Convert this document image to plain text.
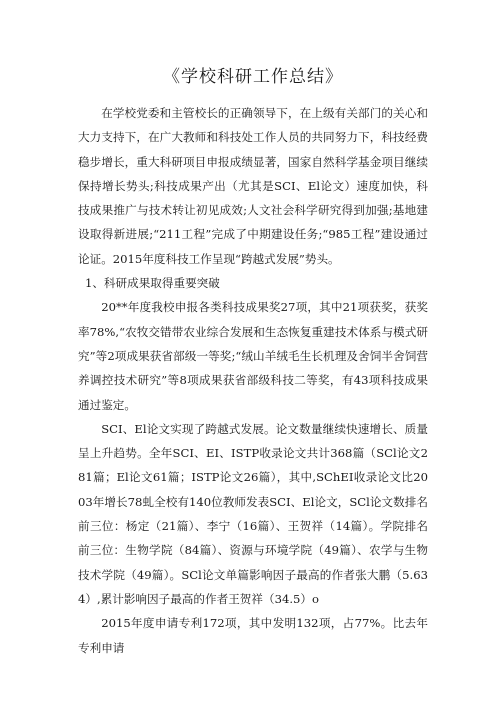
《学校科研工作总结》

在学校党委和主管校长的正确领导下，在上级有关部门的关心和大力支持下，在广大教师和科技处工作人员的共同努力下，科技经费稳步增长，重大科研项目申报成绩显著，国家自然科学基金项目继续保持增长势头;科技成果产出（尤其是SCI、El论文）速度加快，科技成果推广与技术转让初见成效;人文社会科学研究得到加强;基地建设取得新进展;“211工程”完成了中期建设任务;“985工程”建设通过论证。2015年度科技工作呈现“跨越式发展”势头。

1、科研成果取得重要突破

20**年度我校申报各类科技成果奖27项，其中21项获奖，获奖率78%,“农牧交错带农业综合发展和生态恢复重建技术体系与模式研究”等2项成果获省部级一等奖;“绒山羊绒毛生长机理及舍饲半舍饲营养调控技术研究”等8项成果获省部级科技二等奖，有43项科技成果通过鉴定。

SCI、El论文实现了跨越式发展。论文数量继续快速增长、质量呈上升趋势。全年SCI、EI、ISTP收录论文共计368篇（SCl论文281篇；El论文61篇；ISTP论文26篇），其中,SChEI收录论文比2003年增长78虬全校有140位教师发表SCI、El论文，SCl论文数排名前三位：杨定（21篇）、李宁（16篇）、王贺祥（14篇）。学院排名前三位：生物学院（84篇）、资源与环境学院（49篇）、农学与生物技术学院（49篇）。SCl论文单篇影响因子最高的作者张大鹏（5.634）,累计影响因子最高的作者王贺祥（34.5）o

2015年度申请专利172项，其中发明132项，占77%。比去年专利申请
